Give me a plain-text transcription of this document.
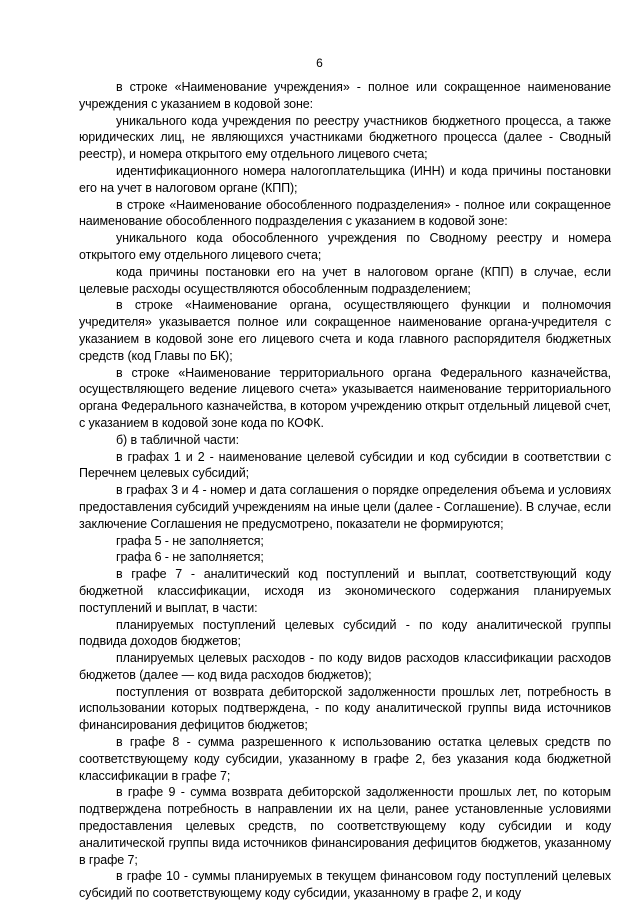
6

в строке «Наименование учреждения» - полное или сокращенное наименование учреждения с указанием в кодовой зоне:

уникального кода учреждения по реестру участников бюджетного процесса, а также юридических лиц, не являющихся участниками бюджетного процесса (далее - Сводный реестр), и номера открытого ему отдельного лицевого счета;

идентификационного номера налогоплательщика (ИНН) и кода причины постановки его на учет в налоговом органе (КПП);

в строке «Наименование обособленного подразделения» - полное или сокращенное наименование обособленного подразделения с указанием в кодовой зоне:

уникального кода обособленного учреждения по Сводному реестру и номера открытого ему отдельного лицевого счета;

кода причины постановки его на учет в налоговом органе (КПП) в случае, если целевые расходы осуществляются обособленным подразделением;

в строке «Наименование органа, осуществляющего функции и полномочия учредителя» указывается полное или сокращенное наименование органа-учредителя с указанием в кодовой зоне его лицевого счета и кода главного распорядителя бюджетных средств (код Главы по БК);

в строке «Наименование территориального органа Федерального казначейства, осуществляющего ведение лицевого счета» указывается наименование территориального органа Федерального казначейства, в котором учреждению открыт отдельный лицевой счет, с указанием в кодовой зоне кода по КОФК.

б) в табличной части:

в графах 1 и 2 - наименование целевой субсидии и код субсидии в соответствии с Перечнем целевых субсидий;

в графах 3 и 4 - номер и дата соглашения о порядке определения объема и условиях предоставления субсидий учреждениям на иные цели (далее - Соглашение). В случае, если заключение Соглашения не предусмотрено, показатели не формируются;

графа 5 - не заполняется;

графа 6 - не заполняется;

в графе 7 - аналитический код поступлений и выплат, соответствующий коду бюджетной классификации, исходя из экономического содержания планируемых поступлений и выплат, в части:

планируемых поступлений целевых субсидий - по коду аналитической группы подвида доходов бюджетов;

планируемых целевых расходов - по коду видов расходов классификации расходов бюджетов (далее — код вида расходов бюджетов);

поступления от возврата дебиторской задолженности прошлых лет, потребность в использовании которых подтверждена, - по коду аналитической группы вида источников финансирования дефицитов бюджетов;

в графе 8 - сумма разрешенного к использованию остатка целевых средств по соответствующему коду субсидии, указанному в графе 2, без указания кода бюджетной классификации в графе 7;

в графе 9 - сумма возврата дебиторской задолженности прошлых лет, по которым подтверждена потребность в направлении их на цели, ранее установленные условиями предоставления целевых средств, по соответствующему коду субсидии и коду аналитической группы вида источников финансирования дефицитов бюджетов, указанному в графе 7;

в графе 10 - суммы планируемых в текущем финансовом году поступлений целевых субсидий по соответствующему коду субсидии, указанному в графе 2, и коду
